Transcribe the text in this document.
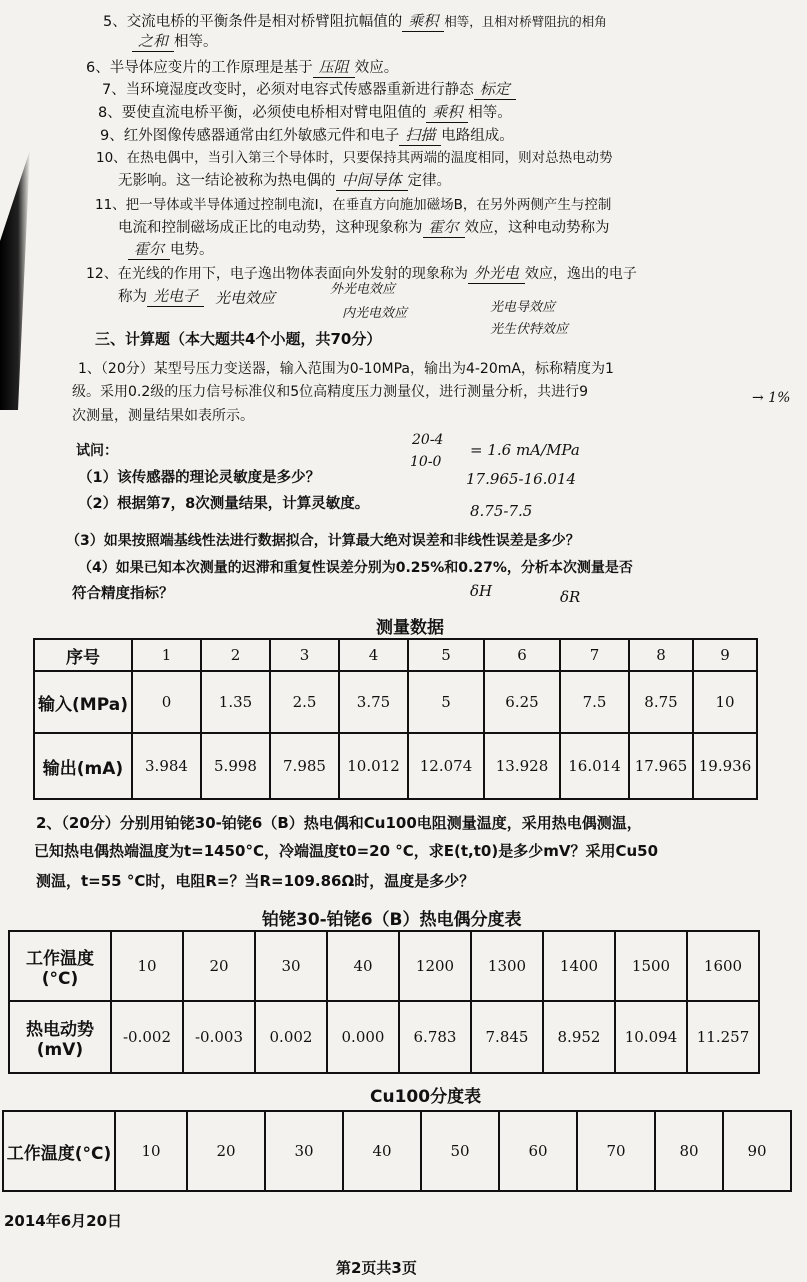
5、交流电桥的平衡条件是相对桥臂阻抗幅值的 乘积 相等，且相对桥臂阻抗的相角
之和 相等。
6、半导体应变片的工作原理是基于 压阻 效应。
7、当环境湿度改变时，必须对电容式传感器重新进行静态 标定
8、要使直流电桥平衡，必须使电桥相对臂电阻值的 乘积 相等。
9、红外图像传感器通常由红外敏感元件和电子 扫描 电路组成。
10、在热电偶中，当引入第三个导体时，只要保持其两端的温度相同，则对总热电动势
无影响。这一结论被称为热电偶的 中间导体 定律。
11、把一导体或半导体通过控制电流I，在垂直方向施加磁场B，在另外两侧产生与控制
电流和控制磁场成正比的电动势，这种现象称为 霍尔 效应，这种电动势称为
霍尔 电势。
12、在光线的作用下，电子逸出物体表面向外发射的现象称为 外光电 效应，逸出的电子
称为 光电子	光电效应	外光电效应
内光电效应	光电导效应
光生伏特效应
三、计算题（本大题共4个小题，共70分）
1、（20分）某型号压力变送器，输入范围为0-10MPa，输出为4-20mA，标称精度为1
→ 1%
级。采用0.2级的压力信号标准仪和5位高精度压力测量仪，进行测量分析，共进行9
次测量，测量结果如表所示。
试问：
20-4
10-0
= 1.6 mA/MPa
（1）该传感器的理论灵敏度是多少？	17.965-16.014
（2）根据第7，8次测量结果，计算灵敏度。	8.75-7.5
（3）如果按照端基线性法进行数据拟合，计算最大绝对误差和非线性误差是多少？
（4）如果已知本次测量的迟滞和重复性误差分别为0.25%和0.27%，分析本次测量是否
符合精度指标？	δH	δR
测量数据
序号	1	2	3	4	5	6	7	8	9
输入(MPa)	0	1.35	2.5	3.75	5	6.25	7.5	8.75	10
输出(mA)	3.984	5.998	7.985	10.012	12.074	13.928	16.014	17.965	19.936
2、（20分）分别用铂铑30-铂铑6（B）热电偶和Cu100电阻测量温度，采用热电偶测温，
已知热电偶热端温度为t=1450°C，冷端温度t0=20 °C，求E(t,t0)是多少mV？采用Cu50
测温，t=55 °C时，电阻R=？当R=109.86Ω时，温度是多少？
铂铑30-铂铑6（B）热电偶分度表
工作温度(°C)	10	20	30	40	1200	1300	1400	1500	1600
热电动势(mV)	-0.002	-0.003	0.002	0.000	6.783	7.845	8.952	10.094	11.257
Cu100分度表
工作温度(°C)	10	20	30	40	50	60	70	80	90
2014年6月20日
第2页共3页
